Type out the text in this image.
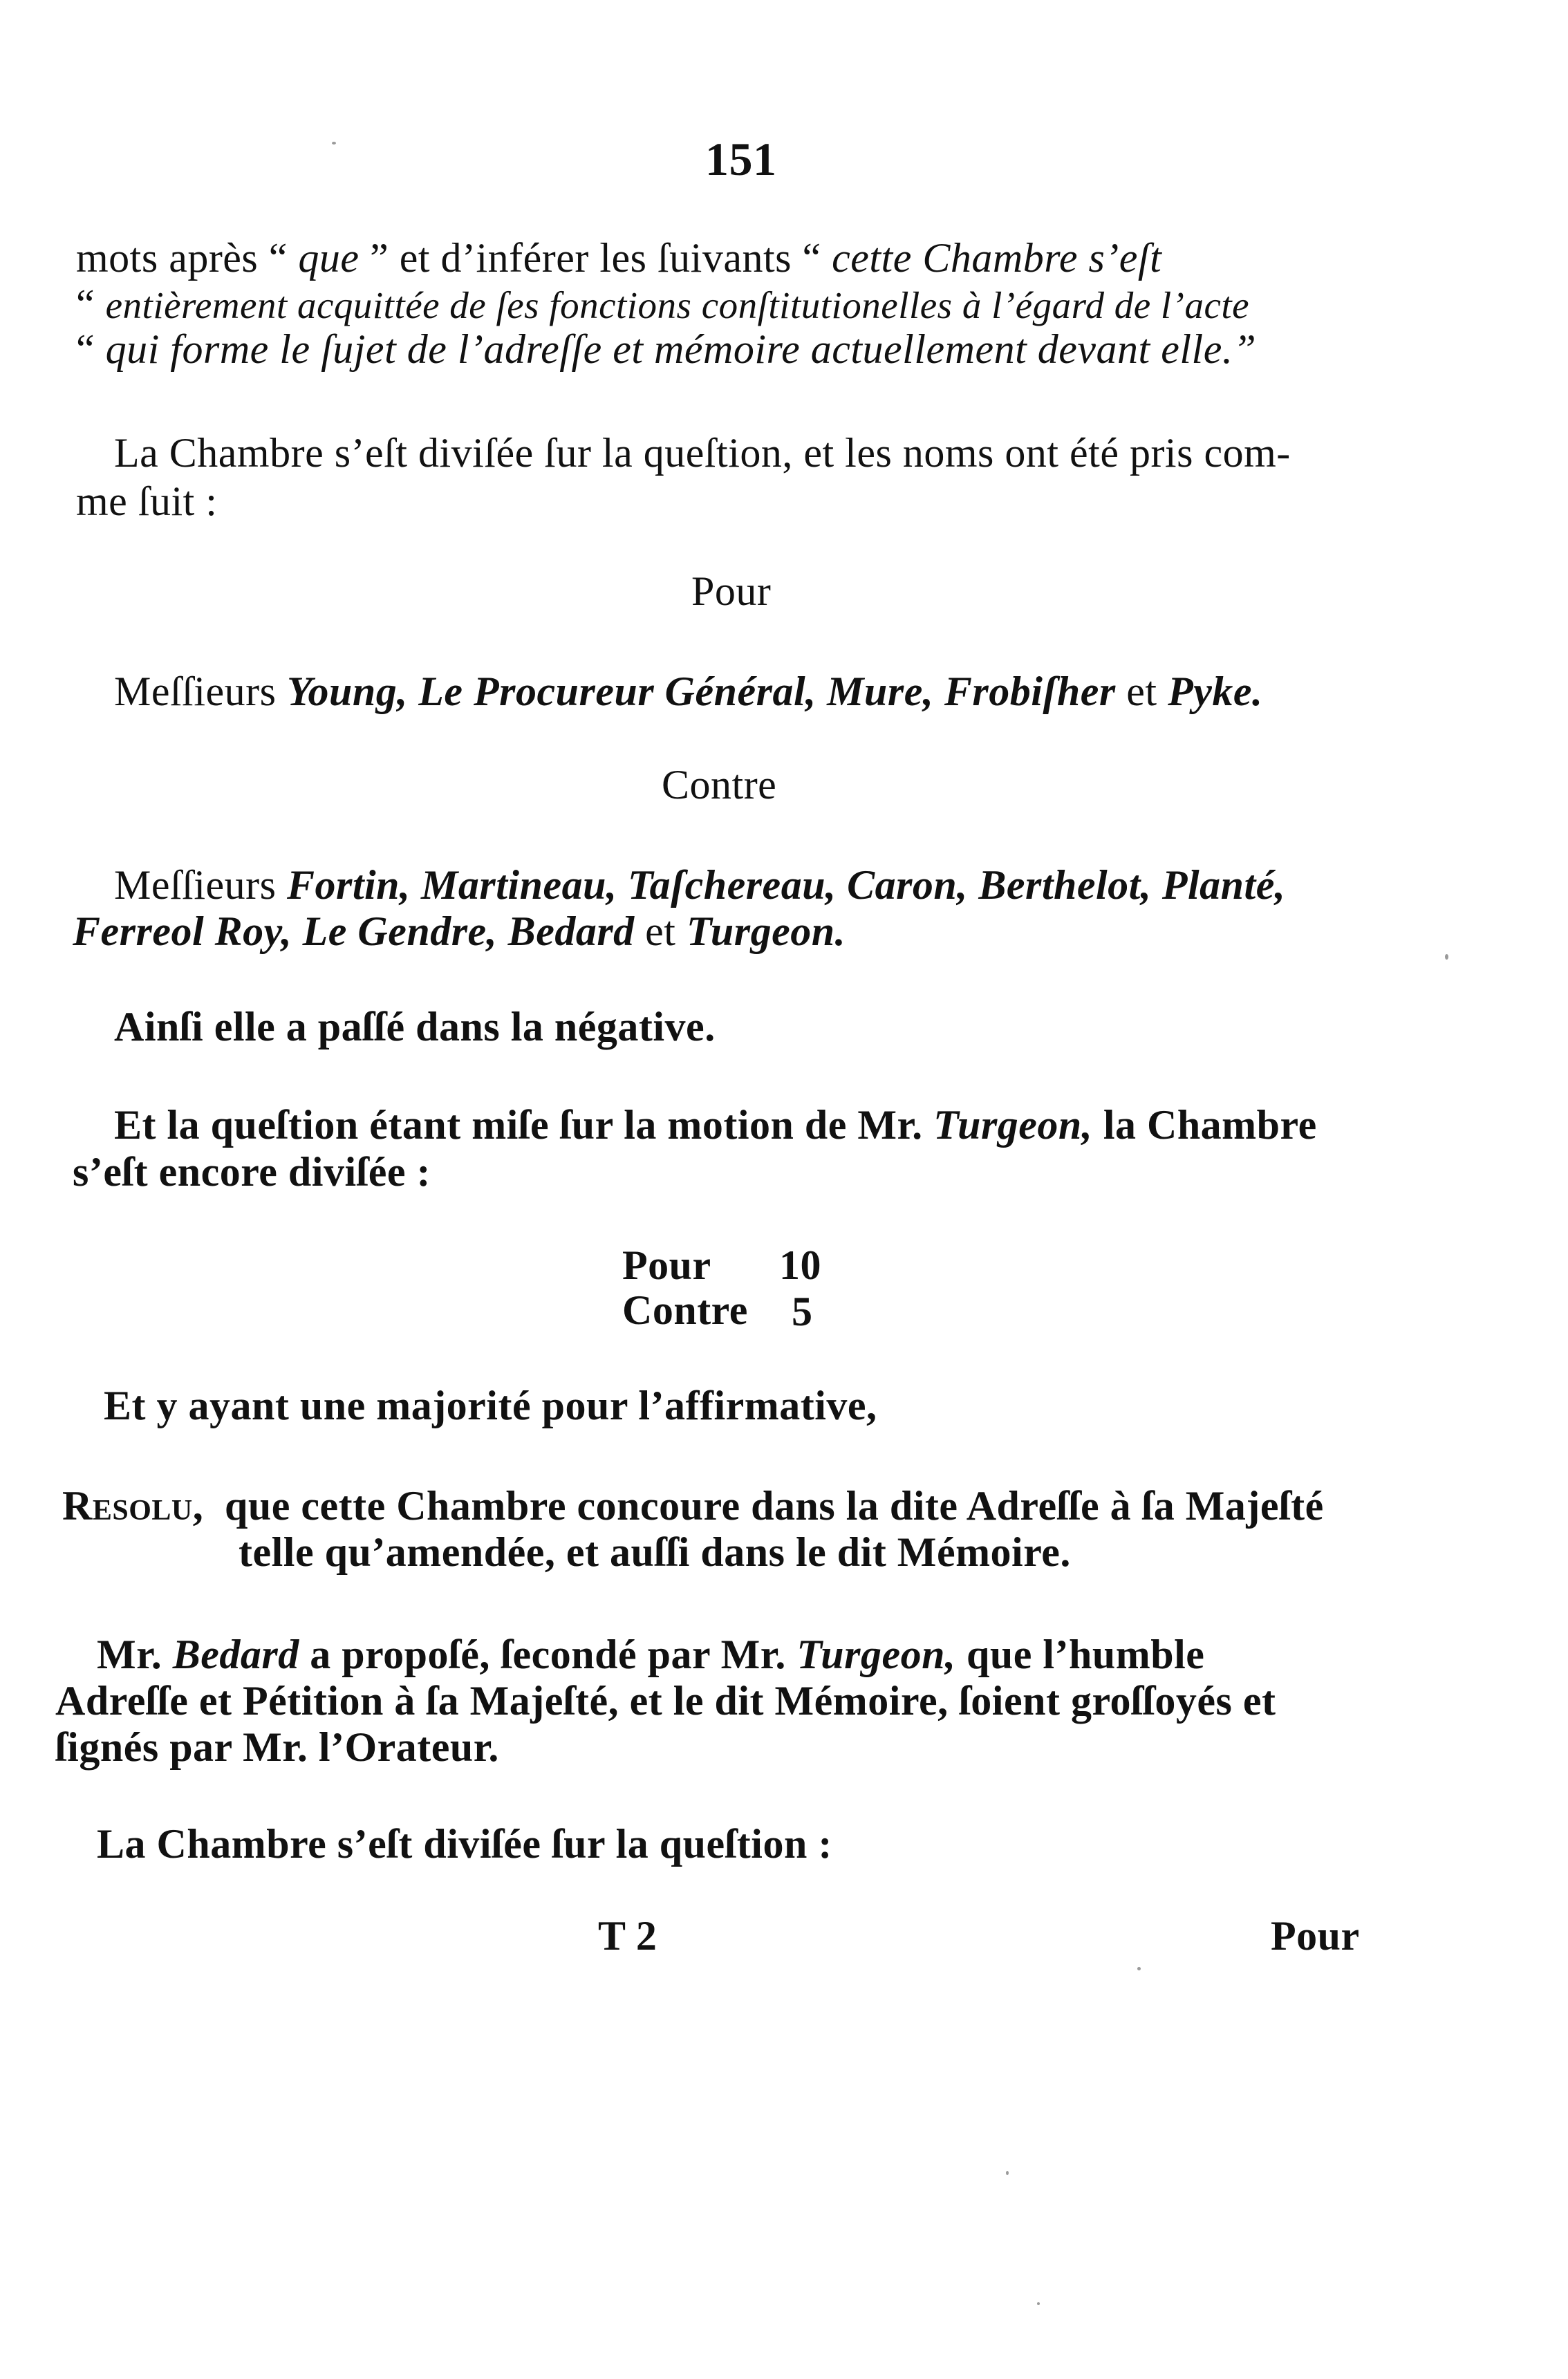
151
mots après “ que ” et d’inférer les ſuivants “ cette Chambre s’eſt
“ entièrement acquittée de ſes fonctions conſtitutionelles à l’égard de l’acte
“ qui forme le ſujet de l’adreſſe et mémoire actuellement devant elle.”
La Chambre s’eſt diviſée ſur la queſtion, et les noms ont été pris com-
me ſuit :
Pour
Meſſieurs Young, Le Procureur Général, Mure, Frobiſher et Pyke.
Contre
Meſſieurs Fortin, Martineau, Taſchereau, Caron, Berthelot, Planté,
Ferreol Roy, Le Gendre, Bedard et Turgeon.
Ainſi elle a paſſé dans la négative.
Et la queſtion étant miſe ſur la motion de Mr. Turgeon, la Chambre
s’eſt encore diviſée :
Pour 10
Contre 5
Et y ayant une majorité pour l’affirmative,
Resolu, que cette Chambre concoure dans la dite Adreſſe à ſa Majeſté
telle qu’amendée, et auſſi dans le dit Mémoire.
Mr. Bedard a propoſé, ſecondé par Mr. Turgeon, que l’humble
Adreſſe et Pétition à ſa Majeſté, et le dit Mémoire, ſoient groſſoyés et
ſignés par Mr. l’Orateur.
La Chambre s’eſt diviſée ſur la queſtion :
T 2	Pour
